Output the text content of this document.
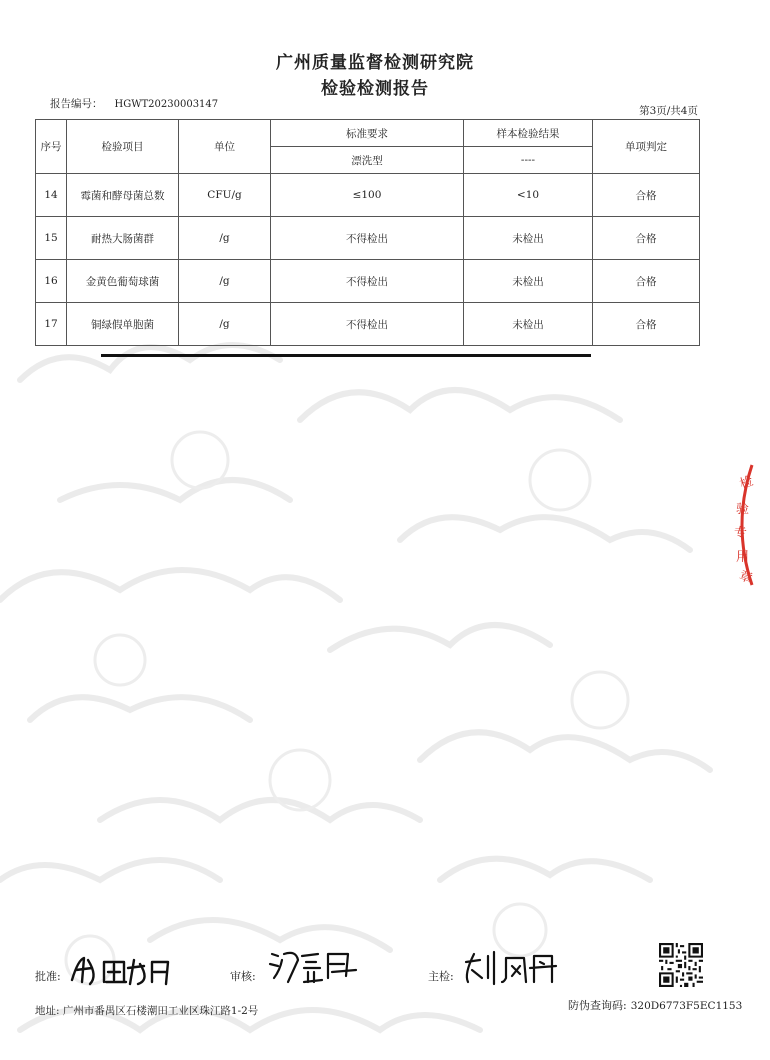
广州质量监督检测研究院
检验检测报告
报告编号： HGWT20230003147
第3页/共4页
序号	检验项目	单位	标准要求	样本检验结果	单项判定
			漂洗型	----	
14	霉菌和酵母菌总数	CFU/g	≤100	<10	合格
15	耐热大肠菌群	/g	不得检出	未检出	合格
16	金黄色葡萄球菌	/g	不得检出	未检出	合格
17	铜绿假单胞菌	/g	不得检出	未检出	合格
检
验
专
用
章
批准:	审核:	主检:
地址: 广州市番禺区石楼潮田工业区珠江路1-2号	防伪查询码: 320D6773F5EC1153
